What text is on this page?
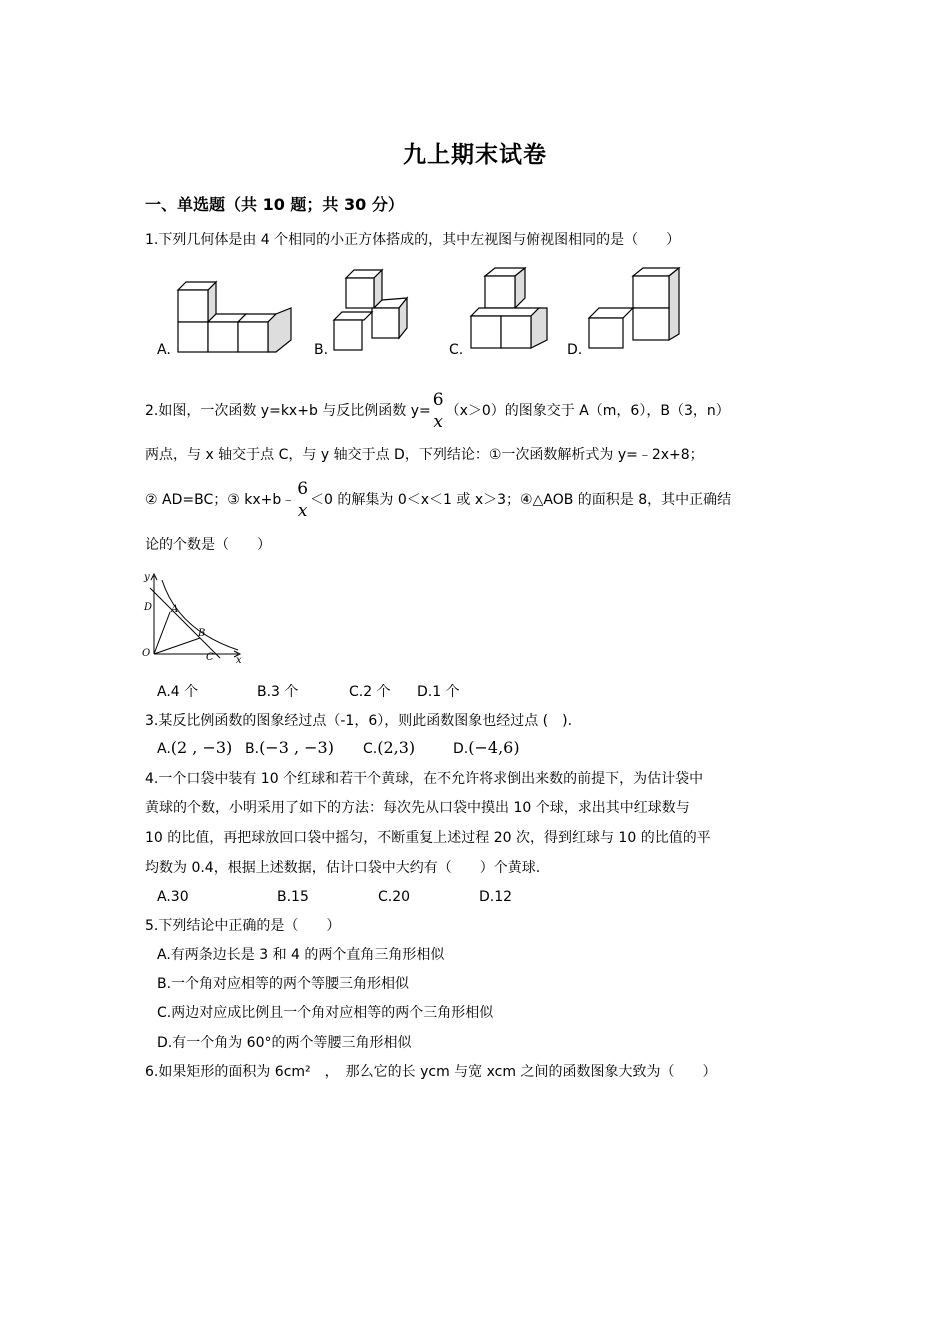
九上期末试卷
一、单选题（共 10 题；共 30 分）
1.下列几何体是由 4 个相同的小正方体搭成的，其中左视图与俯视图相同的是（　　）
A.	B.	C.	D.
2.如图，一次函数 y=kx+b 与反比例函数 y=
6
x
（x＞0）的图象交于 A（m，6），B（3，n）
两点，与 x 轴交于点 C，与 y 轴交于点 D，下列结论：①一次函数解析式为 y=﹣2x+8；
② AD=BC；③ kx+b﹣
6
x
＜0 的解集为 0＜x＜1 或 x＞3；④△AOB 的面积是 8，其中正确结
论的个数是（　　）
y
x
O
D A
B
C
A.4 个	B.3 个	C.2 个 D.1 个
3.某反比例函数的图象经过点（-1，6），则此函数图象也经过点 (　).
A.(2 , −3) B.(−3 , −3) C.(2,3)	D.(−4,6)
4.一个口袋中装有 10 个红球和若干个黄球，在不允许将求倒出来数的前提下，为估计袋中
黄球的个数，小明采用了如下的方法：每次先从口袋中摸出 10 个球，求出其中红球数与
10 的比值，再把球放回口袋中摇匀，不断重复上述过程 20 次，得到红球与 10 的比值的平
均数为 0.4，根据上述数据，估计口袋中大约有（　　）个黄球.
A.30	B.15	C.20	D.12
5.下列结论中正确的是（　　）
A.有两条边长是 3 和 4 的两个直角三角形相似
B.一个角对应相等的两个等腰三角形相似
C.两边对应成比例且一个角对应相等的两个三角形相似
D.有一个角为 60°的两个等腰三角形相似
6.如果矩形的面积为 6cm²　，　那么它的长 ycm 与宽 xcm 之间的函数图象大致为（　　）
